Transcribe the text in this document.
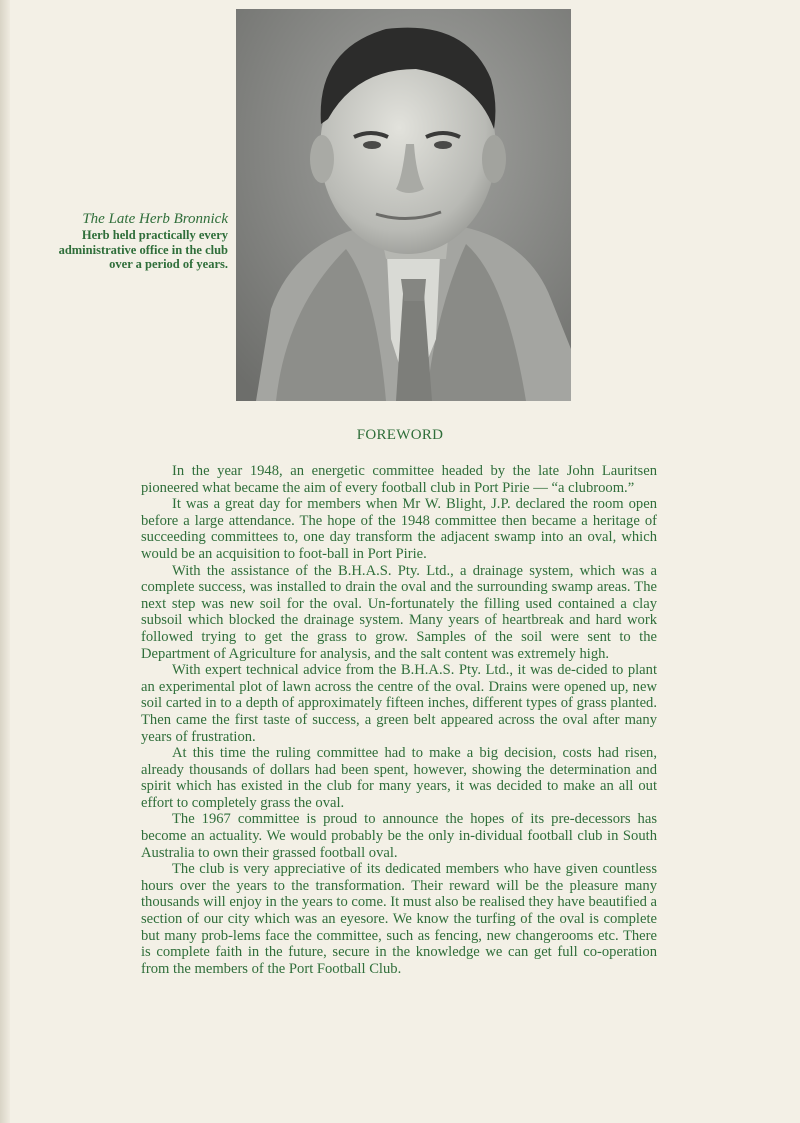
The Late Herb Bronnick
Herb held practically every administrative office in the club over a period of years.
FOREWORD

In the year 1948, an energetic committee headed by the late John Lauritsen pioneered what became the aim of every football club in Port Pirie — “a clubroom.”

It was a great day for members when Mr W. Blight, J.P. declared the room open before a large attendance. The hope of the 1948 committee then became a heritage of succeeding committees to, one day transform the adjacent swamp into an oval, which would be an acquisition to foot-ball in Port Pirie.

With the assistance of the B.H.A.S. Pty. Ltd., a drainage system, which was a complete success, was installed to drain the oval and the surrounding swamp areas. The next step was new soil for the oval. Un-fortunately the filling used contained a clay subsoil which blocked the drainage system. Many years of heartbreak and hard work followed trying to get the grass to grow. Samples of the soil were sent to the Department of Agriculture for analysis, and the salt content was extremely high.

With expert technical advice from the B.H.A.S. Pty. Ltd., it was de-cided to plant an experimental plot of lawn across the centre of the oval. Drains were opened up, new soil carted in to a depth of approximately fifteen inches, different types of grass planted. Then came the first taste of success, a green belt appeared across the oval after many years of frustration.

At this time the ruling committee had to make a big decision, costs had risen, already thousands of dollars had been spent, however, showing the determination and spirit which has existed in the club for many years, it was decided to make an all out effort to completely grass the oval.

The 1967 committee is proud to announce the hopes of its pre-decessors has become an actuality. We would probably be the only in-dividual football club in South Australia to own their grassed football oval.

The club is very appreciative of its dedicated members who have given countless hours over the years to the transformation. Their reward will be the pleasure many thousands will enjoy in the years to come. It must also be realised they have beautified a section of our city which was an eyesore. We know the turfing of the oval is complete but many prob-lems face the committee, such as fencing, new changerooms etc. There is complete faith in the future, secure in the knowledge we can get full co-operation from the members of the Port Football Club.
